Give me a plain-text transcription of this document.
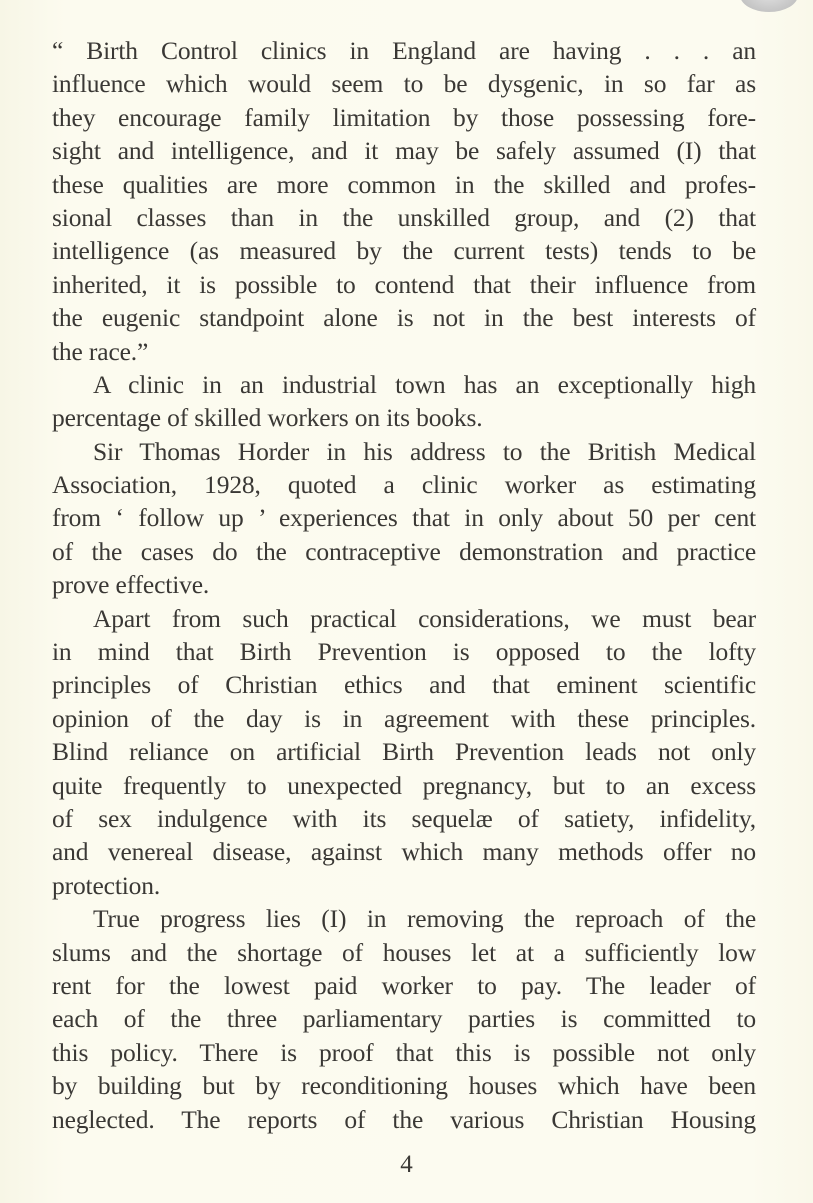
“ Birth Control clinics in England are having . . . an
influence which would seem to be dysgenic, in so far as
they encourage family limitation by those possessing fore-
sight and intelligence, and it may be safely assumed (I) that
these qualities are more common in the skilled and profes-
sional classes than in the unskilled group, and (2) that
intelligence (as measured by the current tests) tends to be
inherited, it is possible to contend that their influence from
the eugenic standpoint alone is not in the best interests of
the race.”
A clinic in an industrial town has an exceptionally high
percentage of skilled workers on its books.
Sir Thomas Horder in his address to the British Medical
Association, 1928, quoted a clinic worker as estimating
from ‘ follow up ’ experiences that in only about 50 per cent
of the cases do the contraceptive demonstration and practice
prove effective.
Apart from such practical considerations, we must bear
in mind that Birth Prevention is opposed to the lofty
principles of Christian ethics and that eminent scientific
opinion of the day is in agreement with these principles.
Blind reliance on artificial Birth Prevention leads not only
quite frequently to unexpected pregnancy, but to an excess
of sex indulgence with its sequelæ of satiety, infidelity,
and venereal disease, against which many methods offer no
protection.
True progress lies (I) in removing the reproach of the
slums and the shortage of houses let at a sufficiently low
rent for the lowest paid worker to pay. The leader of
each of the three parliamentary parties is committed to
this policy. There is proof that this is possible not only
by building but by reconditioning houses which have been
neglected. The reports of the various Christian Housing
4
